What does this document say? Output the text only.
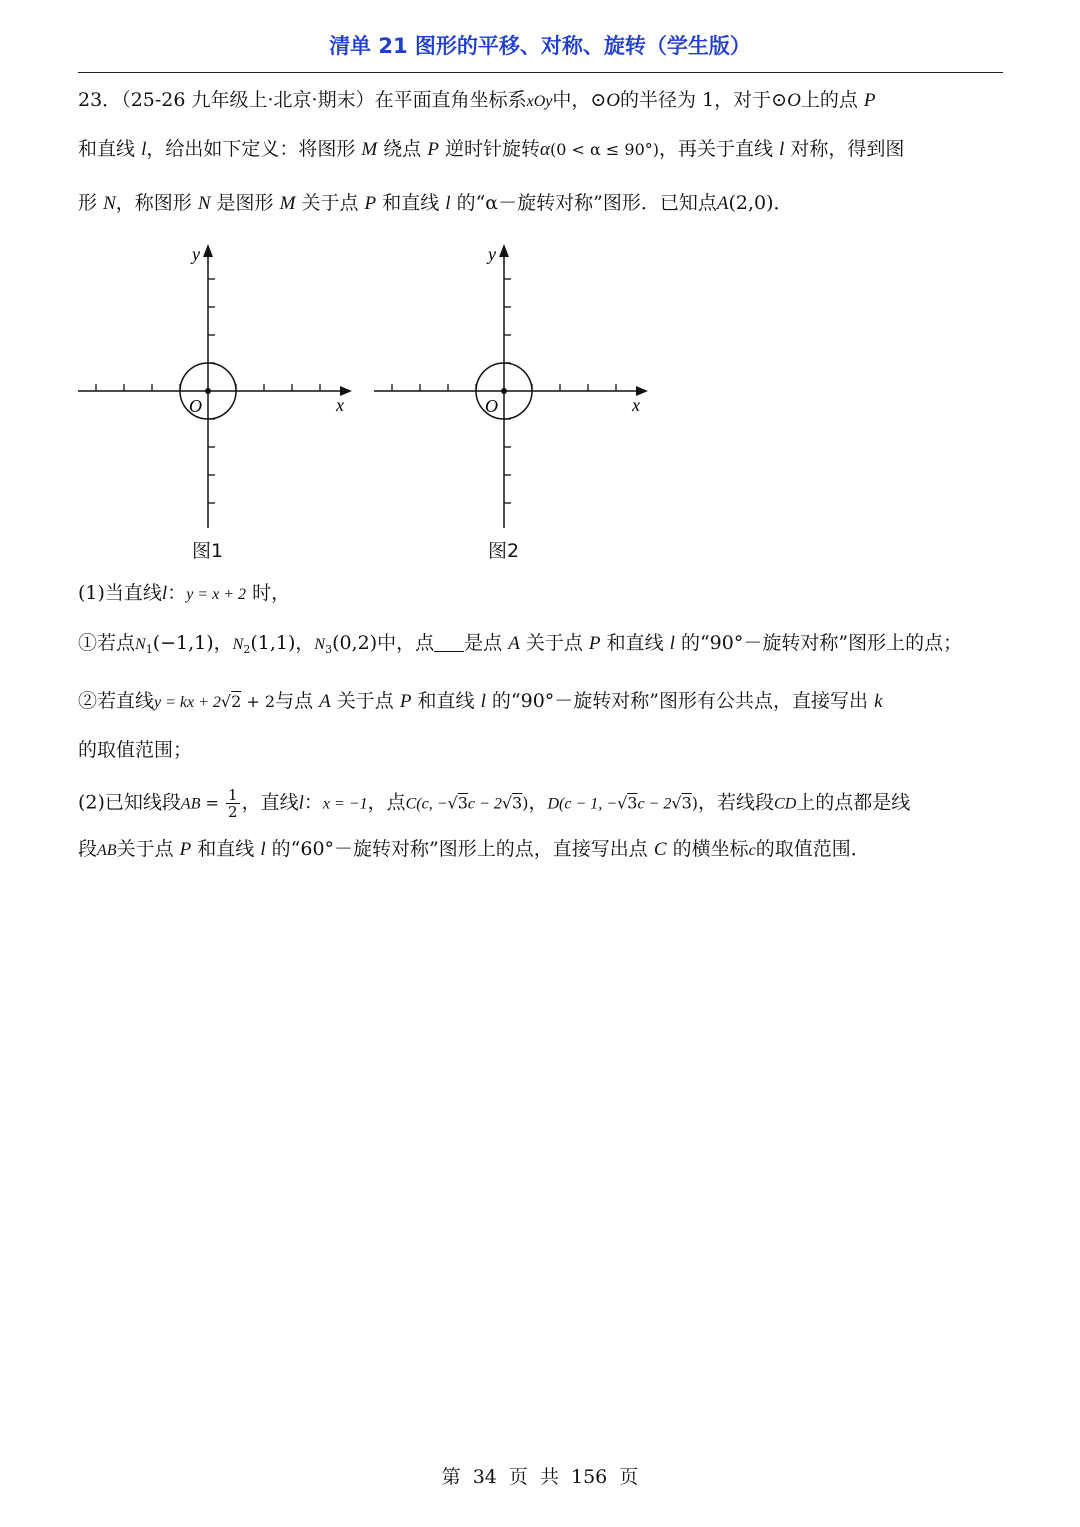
清单 21 图形的平移、对称、旋转（学生版）
23．（25-26 九年级上·北京·期末）在平面直角坐标系xOy中，⊙O的半径为 1，对于⊙O上的点 P
和直线 l，给出如下定义：将图形 M 绕点 P 逆时针旋转α(0 < α ≤ 90°)，再关于直线 l 对称，得到图
形 N，称图形 N 是图形 M 关于点 P 和直线 l 的“α－旋转对称”图形．已知点A(2,0)．
x
y
O
图1
x
y
O
图2
(1)当直线l：y = x + 2 时，
①若点$N_1(-1,1)$，$N_2(1,1)$，$N_3(0,2)$中，点 是点 A 关于点 P 和直线 l 的“90°－旋转对称”图形上的点；
②若直线y = kx + 2√2 + 2与点 A 关于点 P 和直线 l 的“90°－旋转对称”图形有公共点，直接写出 k
的取值范围；
(2)已知线段AB = $\frac{1}{2}$ ，直线l：x = −1，点C(c, −√3c − 2√3)，D(c − 1, −√3c − 2√3)，若线段CD上的点都是线
段AB关于点 P 和直线 l 的“60°－旋转对称”图形上的点，直接写出点 C 的横坐标c的取值范围．
第 34 页 共 156 页
